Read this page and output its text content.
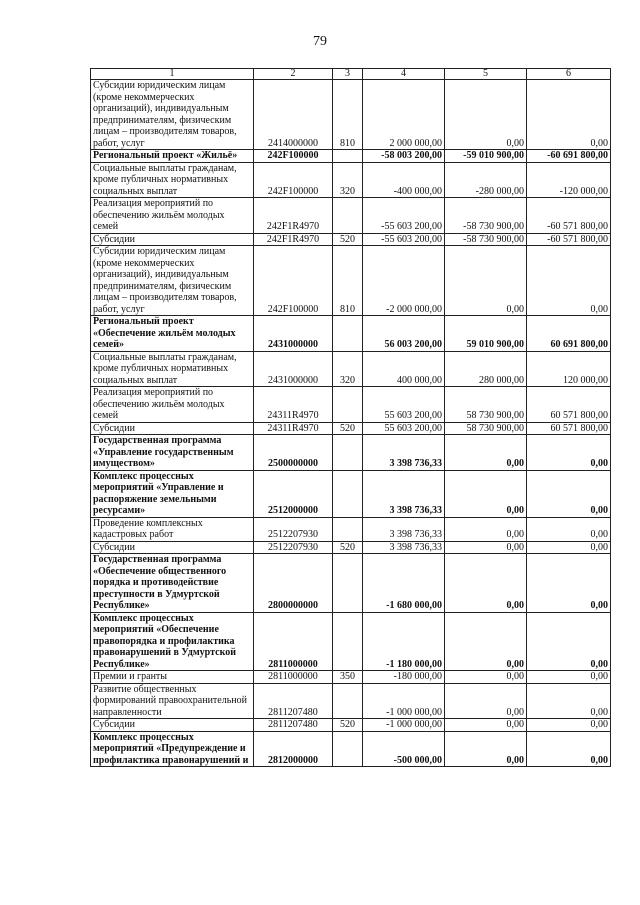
79
1	2	3	4	5	6
Субсидии юридическим лицам (кроме некоммерческих организаций), индивидуальным предпринимателям, физическим лицам – производителям товаров, работ, услуг	2414000000	810	2 000 000,00	0,00	0,00
Региональный проект «Жильё»	242F100000		-58 003 200,00	-59 010 900,00	-60 691 800,00
Социальные выплаты гражданам, кроме публичных нормативных социальных выплат	242F100000	320	-400 000,00	-280 000,00	-120 000,00
Реализация мероприятий по обеспечению жильём молодых семей	242F1R4970		-55 603 200,00	-58 730 900,00	-60 571 800,00
Субсидии	242F1R4970	520	-55 603 200,00	-58 730 900,00	-60 571 800,00
Субсидии юридическим лицам (кроме некоммерческих организаций), индивидуальным предпринимателям, физическим лицам – производителям товаров, работ, услуг	242F100000	810	-2 000 000,00	0,00	0,00
Региональный проект «Обеспечение жильём молодых семей»	2431000000		56 003 200,00	59 010 900,00	60 691 800,00
Социальные выплаты гражданам, кроме публичных нормативных социальных выплат	2431000000	320	400 000,00	280 000,00	120 000,00
Реализация мероприятий по обеспечению жильём молодых семей	24311R4970		55 603 200,00	58 730 900,00	60 571 800,00
Субсидии	24311R4970	520	55 603 200,00	58 730 900,00	60 571 800,00
Государственная программа «Управление государственным имуществом»	2500000000		3 398 736,33	0,00	0,00
Комплекс процессных мероприятий «Управление и распоряжение земельными ресурсами»	2512000000		3 398 736,33	0,00	0,00
Проведение комплексных кадастровых работ	2512207930		3 398 736,33	0,00	0,00
Субсидии	2512207930	520	3 398 736,33	0,00	0,00
Государственная программа «Обеспечение общественного порядка и противодействие преступности в Удмуртской Республике»	2800000000		-1 680 000,00	0,00	0,00
Комплекс процессных мероприятий «Обеспечение правопорядка и профилактика правонарушений в Удмуртской Республике»	2811000000		-1 180 000,00	0,00	0,00
Премии и гранты	2811000000	350	-180 000,00	0,00	0,00
Развитие общественных формирований правоохранительной направленности	2811207480		-1 000 000,00	0,00	0,00
Субсидии	2811207480	520	-1 000 000,00	0,00	0,00
Комплекс процессных мероприятий «Предупреждение и профилактика правонарушений и	2812000000		-500 000,00	0,00	0,00
